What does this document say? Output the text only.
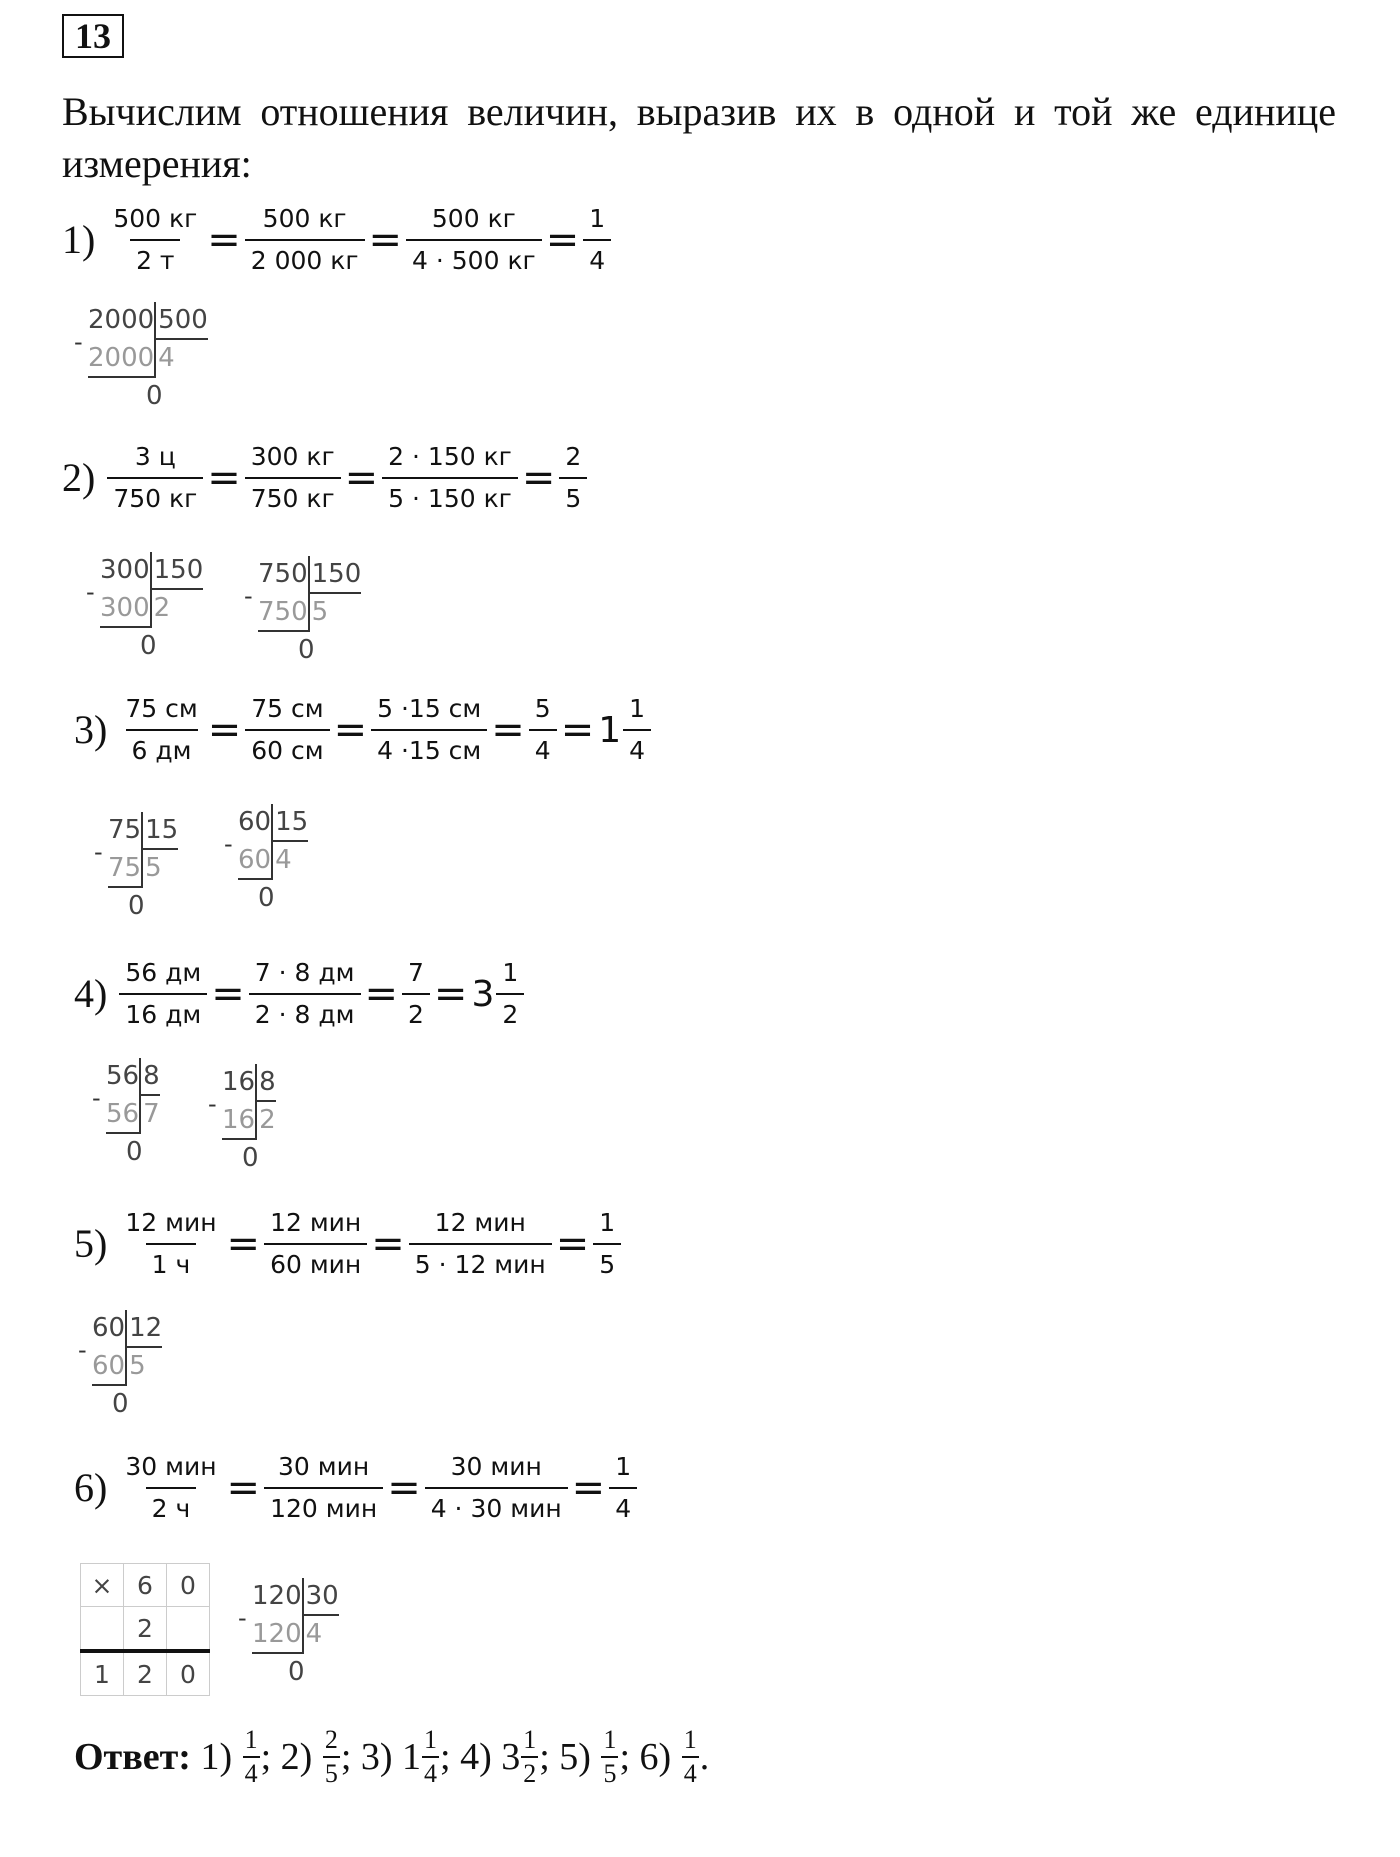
13
Вычислим отношения величин, выразив их в одной и той же единице измерения:
$1) \frac{500 кг}{2 т} = \frac{500 кг}{2 000 кг} = \frac{500 кг}{4 \cdot 500 кг} = \frac{1}{4}$
-
2000 500
2000 4
0
$2) \frac{3 ц}{750 кг} = \frac{300 кг}{750 кг} = \frac{2 \cdot 150 кг}{5 \cdot 150 кг} = \frac{2}{5}$
-
300 150
300 2
0
-
750 150
750 5
0
$3) \frac{75 см}{6 дм} = \frac{75 см}{60 см} = \frac{5 \cdot 15 см}{4 \cdot 15 см} = \frac{5}{4} = 1 \frac{1}{4}$
-
75 15
75 5
0
-
60 15
60 4
0
$4) \frac{56 дм}{16 дм} = \frac{7 \cdot 8 дм}{2 \cdot 8 дм} = \frac{7}{2} = 3 \frac{1}{2}$
-
56 8
56 7
0
-
16 8
16 2
0
$5) \frac{\text{12 мин}}{1 ч} = \frac{\text{12 мин}}{\text{60 мин}} = \frac{\text{12 мин}}{\text{5 · 12 мин}} = \frac{1}{5}$
-
60 12
60 5
0
$6) \frac{\text{30 мин}}{2 ч} = \frac{\text{30 мин}}{\text{120 мин}} = \frac{\text{30 мин}}{\text{4 · 30 мин}} = \frac{1}{4}$
×	6	0
	2	
1	2	0
-
120 30
120 4
0
Ответ: 1) 1
4 ; 2) 2
5 ; 3) 1 1
4 ; 4) 3 1
2 ; 5) 1
5 ; 6) 1
4 .
